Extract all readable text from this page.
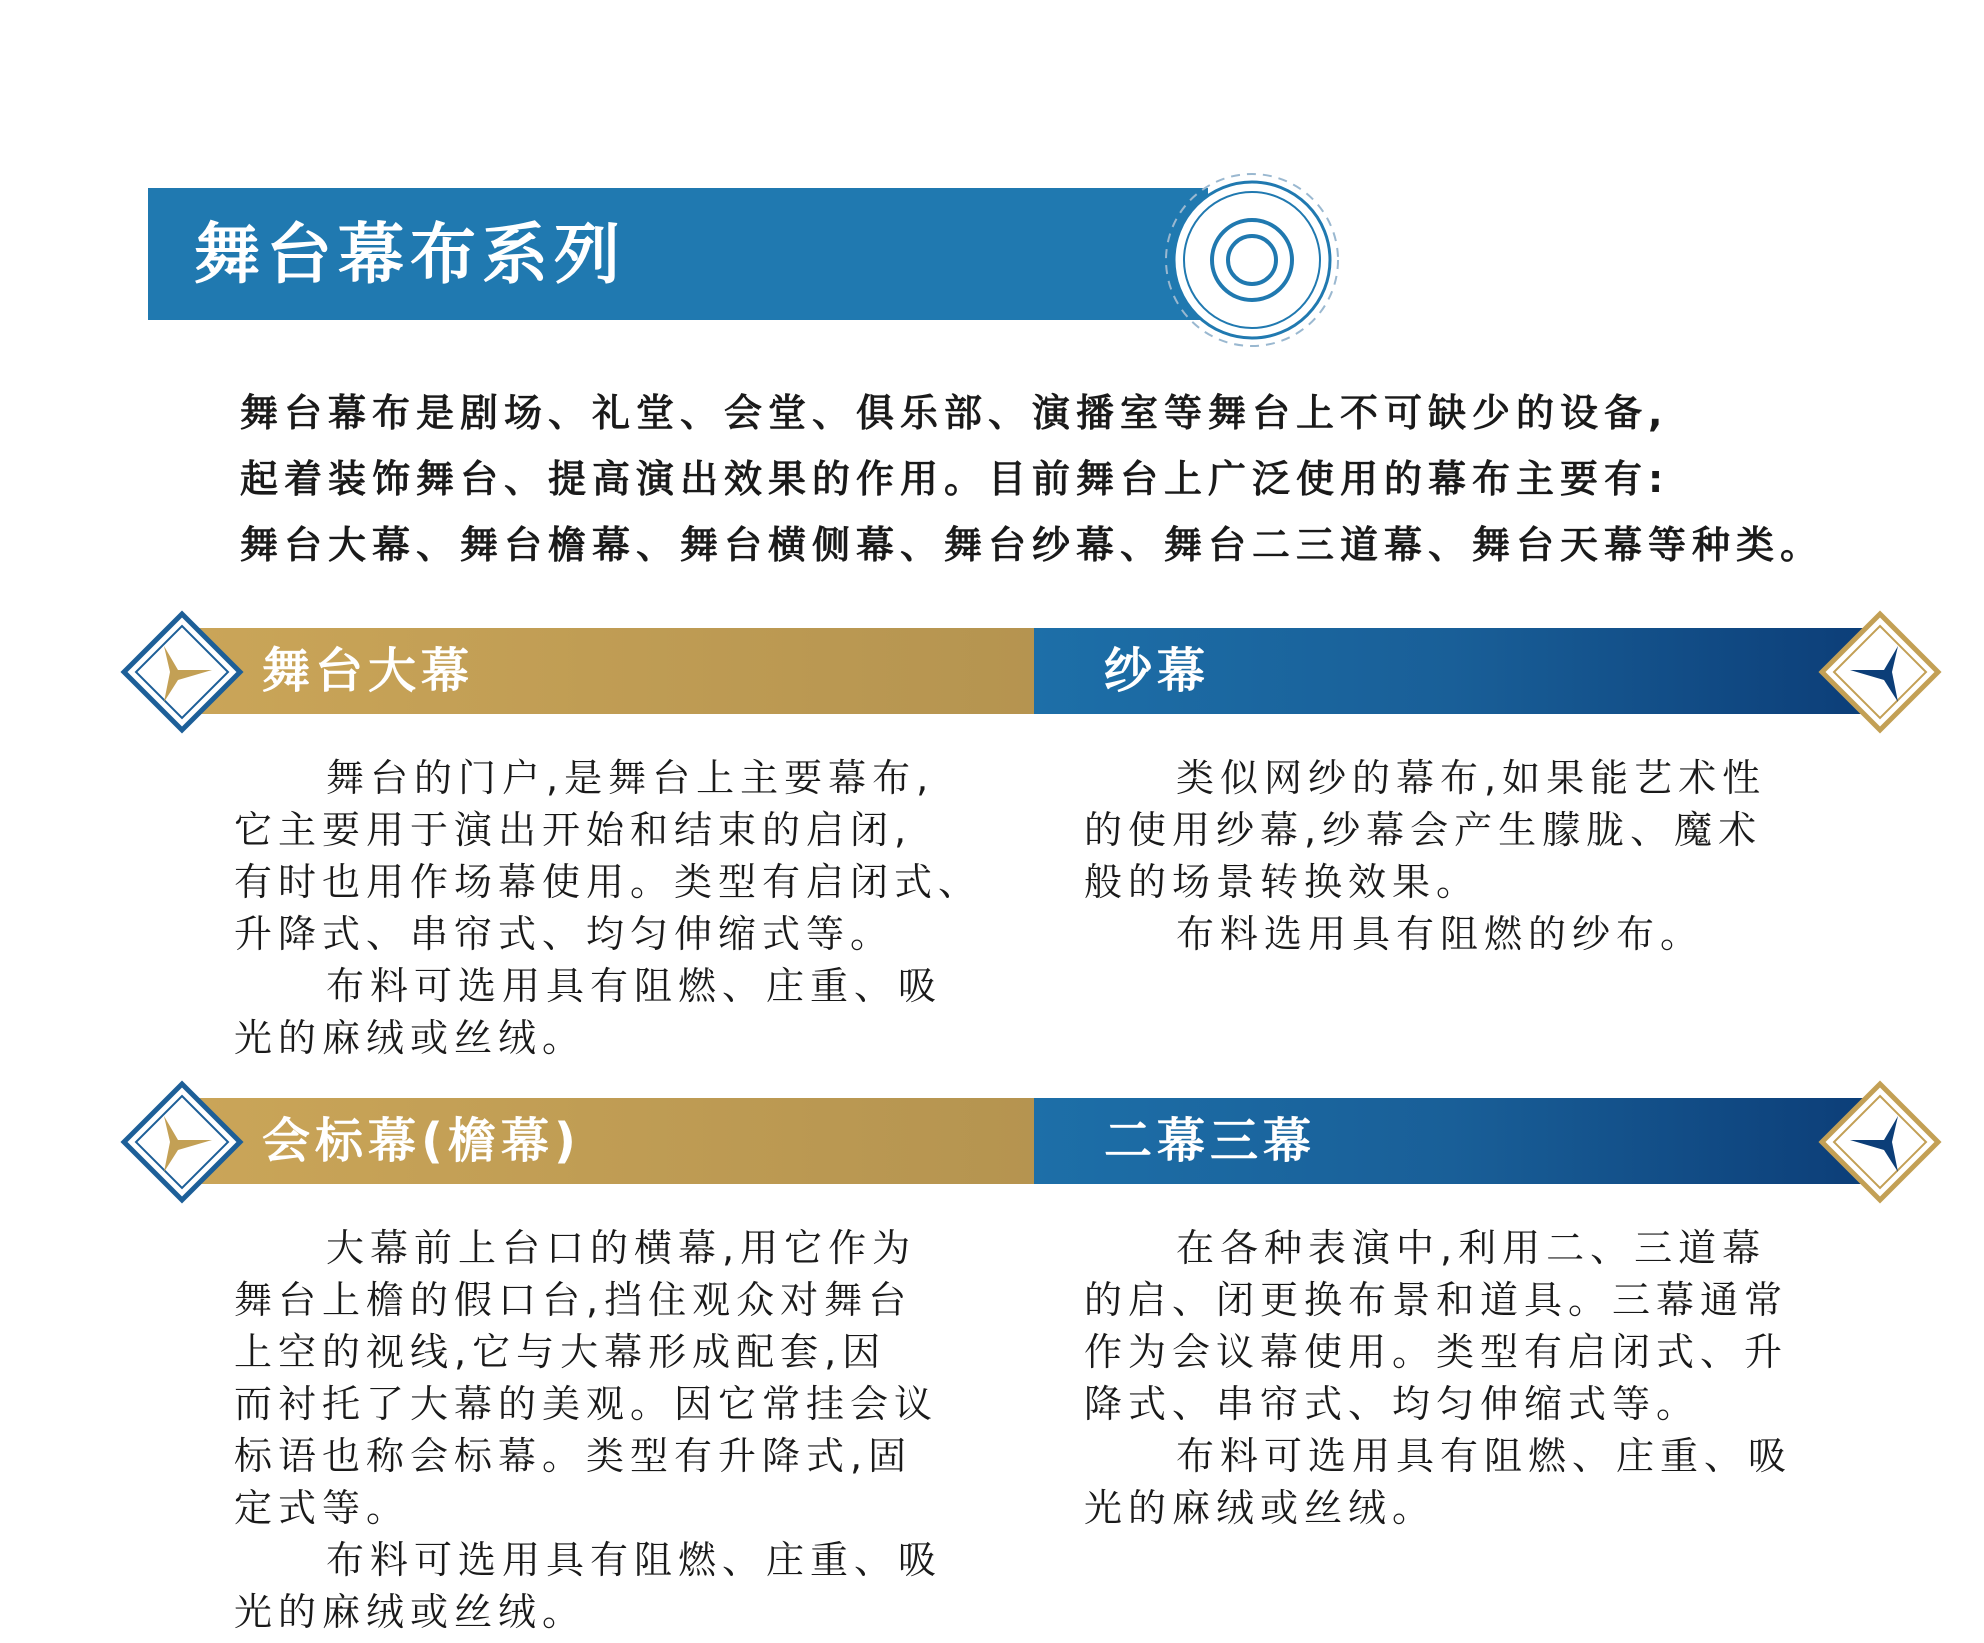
舞台幕布系列
舞台幕布是剧场、礼堂、会堂、俱乐部、演播室等舞台上不可缺少的设备,
起着装饰舞台、提高演出效果的作用。目前舞台上广泛使用的幕布主要有:
舞台大幕、舞台檐幕、舞台横侧幕、舞台纱幕、舞台二三道幕、舞台天幕等种类。
舞台大幕	纱幕
会标幕(檐幕)	二幕三幕

舞台的门户,是舞台上主要幕布,
它主要用于演出开始和结束的启闭,
有时也用作场幕使用。类型有启闭式、
升降式、串帘式、均匀伸缩式等。

布料可选用具有阻燃、庄重、吸
光的麻绒或丝绒。

类似网纱的幕布,如果能艺术性
的使用纱幕,纱幕会产生朦胧、魔术
般的场景转换效果。

布料选用具有阻燃的纱布。

大幕前上台口的横幕,用它作为
舞台上檐的假口台,挡住观众对舞台
上空的视线,它与大幕形成配套,因
而衬托了大幕的美观。因它常挂会议
标语也称会标幕。类型有升降式,固
定式等。

布料可选用具有阻燃、庄重、吸
光的麻绒或丝绒。

在各种表演中,利用二、三道幕
的启、闭更换布景和道具。三幕通常
作为会议幕使用。类型有启闭式、升
降式、串帘式、均匀伸缩式等。

布料可选用具有阻燃、庄重、吸
光的麻绒或丝绒。
